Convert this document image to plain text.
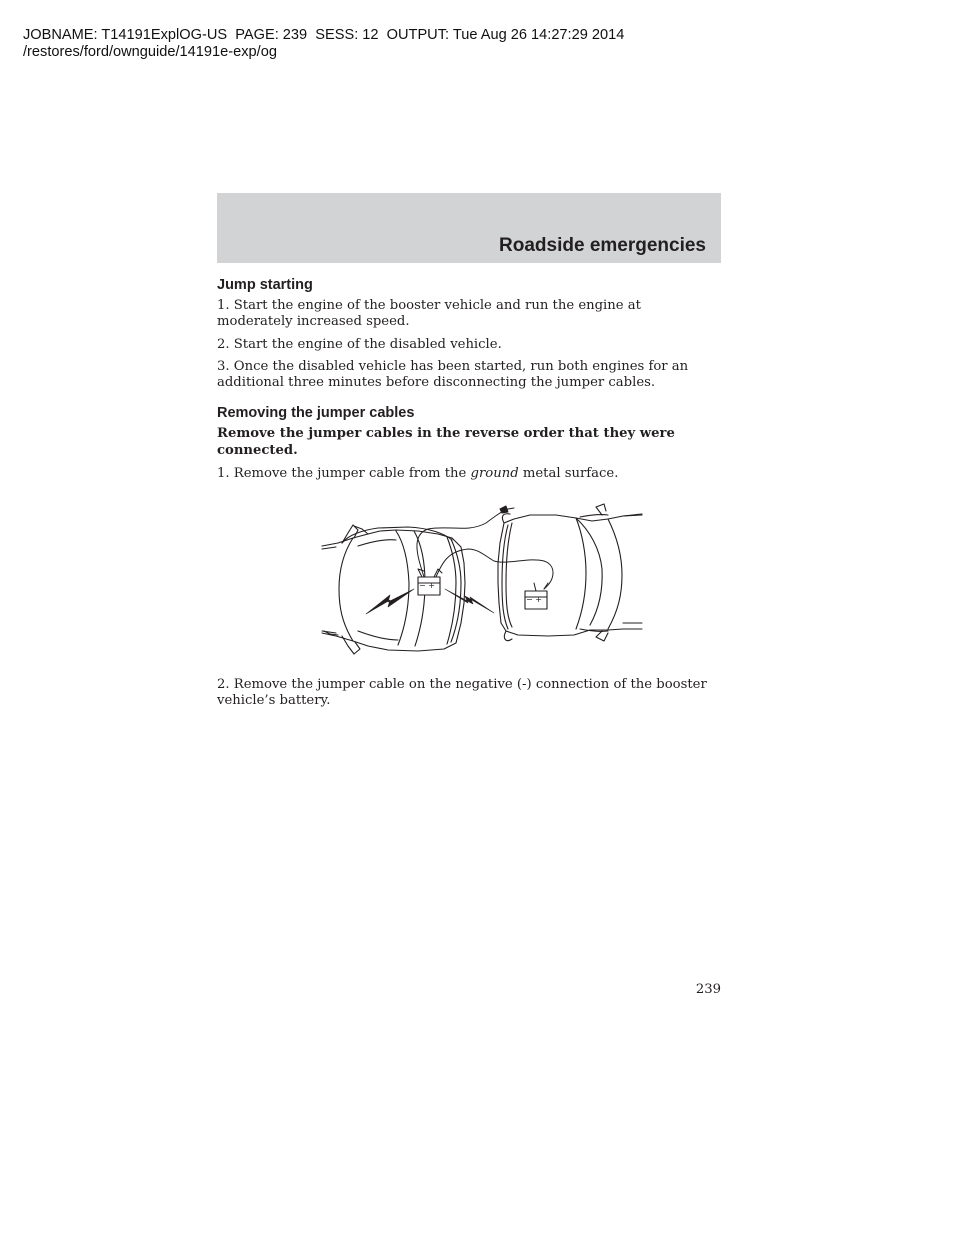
JOBNAME: T14191ExplOG-US  PAGE: 239  SESS: 12  OUTPUT: Tue Aug 26 14:27:29 2014
/restores/ford/ownguide/14191e-exp/og
Roadside emergencies
Jump starting

1. Start the engine of the booster vehicle and run the engine at moderately increased speed.

2. Start the engine of the disabled vehicle.

3. Once the disabled vehicle has been started, run both engines for an additional three minutes before disconnecting the jumper cables.

Removing the jumper cables

Remove the jumper cables in the reverse order that they were connected.

1. Remove the jumper cable from the ground metal surface.

− +
− +

2. Remove the jumper cable on the negative (-) connection of the booster vehicle’s battery.

239
